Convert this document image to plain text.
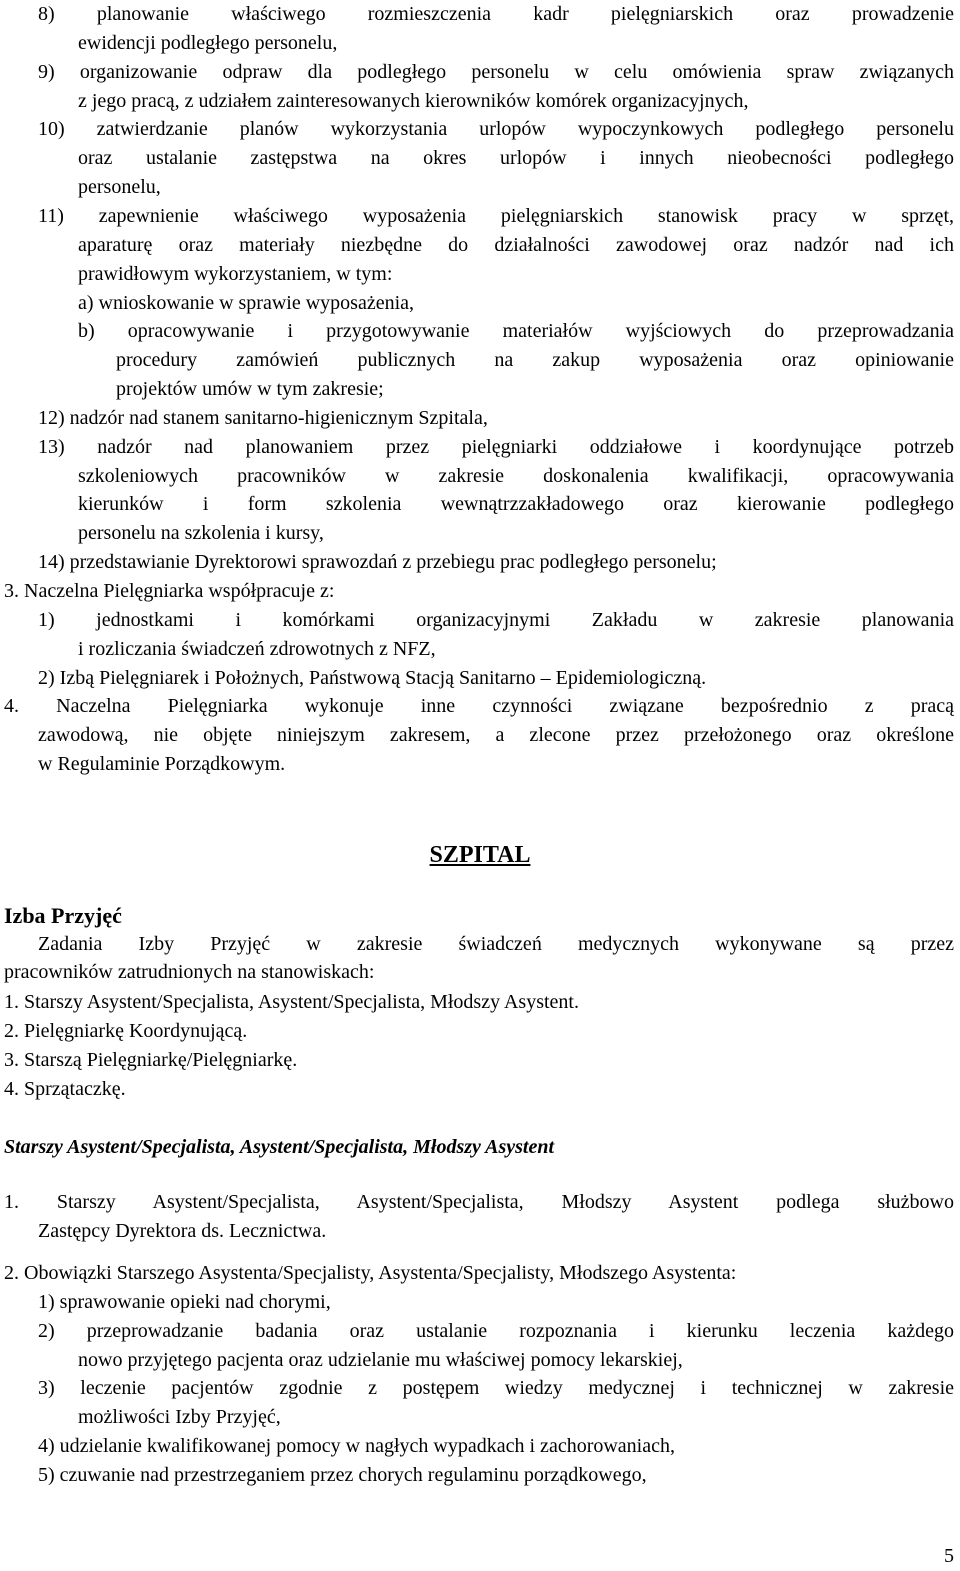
8) planowanie właściwego rozmieszczenia kadr pielęgniarskich oraz prowadzenie
ewidencji podległego personelu,
9) organizowanie odpraw dla podległego personelu w celu omówienia spraw związanych
z jego pracą, z udziałem zainteresowanych kierowników komórek organizacyjnych,
10) zatwierdzanie planów wykorzystania urlopów wypoczynkowych podległego personelu
oraz ustalanie zastępstwa na okres urlopów i innych nieobecności podległego
personelu,
11) zapewnienie właściwego wyposażenia pielęgniarskich stanowisk pracy w sprzęt,
aparaturę oraz materiały niezbędne do działalności zawodowej oraz nadzór nad ich
prawidłowym wykorzystaniem, w tym:
a) wnioskowanie w sprawie wyposażenia,
b) opracowywanie i przygotowywanie materiałów wyjściowych do przeprowadzania
procedury zamówień publicznych na zakup wyposażenia oraz opiniowanie
projektów umów w tym zakresie;
12) nadzór nad stanem sanitarno-higienicznym Szpitala,
13) nadzór nad planowaniem przez pielęgniarki oddziałowe i koordynujące potrzeb
szkoleniowych pracowników w zakresie doskonalenia kwalifikacji, opracowywania
kierunków i form szkolenia wewnątrzzakładowego oraz kierowanie podległego
personelu na szkolenia i kursy,
14) przedstawianie Dyrektorowi sprawozdań z przebiegu prac podległego personelu;
3. Naczelna Pielęgniarka współpracuje z:
1) jednostkami i komórkami organizacyjnymi Zakładu w zakresie planowania
i rozliczania świadczeń zdrowotnych z NFZ,
2) Izbą Pielęgniarek i Położnych, Państwową Stacją Sanitarno – Epidemiologiczną.
4. Naczelna Pielęgniarka wykonuje inne czynności związane bezpośrednio z pracą
zawodową, nie objęte niniejszym zakresem, a zlecone przez przełożonego oraz określone
w Regulaminie Porządkowym.
SZPITAL
Izba Przyjęć
Zadania Izby Przyjęć w zakresie świadczeń medycznych wykonywane są przez
pracowników zatrudnionych na stanowiskach:
1. Starszy Asystent/Specjalista, Asystent/Specjalista, Młodszy Asystent.
2. Pielęgniarkę Koordynującą.
3. Starszą Pielęgniarkę/Pielęgniarkę.
4. Sprzątaczkę.
Starszy Asystent/Specjalista, Asystent/Specjalista, Młodszy Asystent
1. Starszy Asystent/Specjalista, Asystent/Specjalista, Młodszy Asystent podlega służbowo
Zastępcy Dyrektora ds. Lecznictwa.
2. Obowiązki Starszego Asystenta/Specjalisty, Asystenta/Specjalisty, Młodszego Asystenta:
1) sprawowanie opieki nad chorymi,
2) przeprowadzanie badania oraz ustalanie rozpoznania i kierunku leczenia każdego
nowo przyjętego pacjenta oraz udzielanie mu właściwej pomocy lekarskiej,
3) leczenie pacjentów zgodnie z postępem wiedzy medycznej i technicznej w zakresie
możliwości Izby Przyjęć,
4) udzielanie kwalifikowanej pomocy w nagłych wypadkach i zachorowaniach,
5) czuwanie nad przestrzeganiem przez chorych regulaminu porządkowego,
5
